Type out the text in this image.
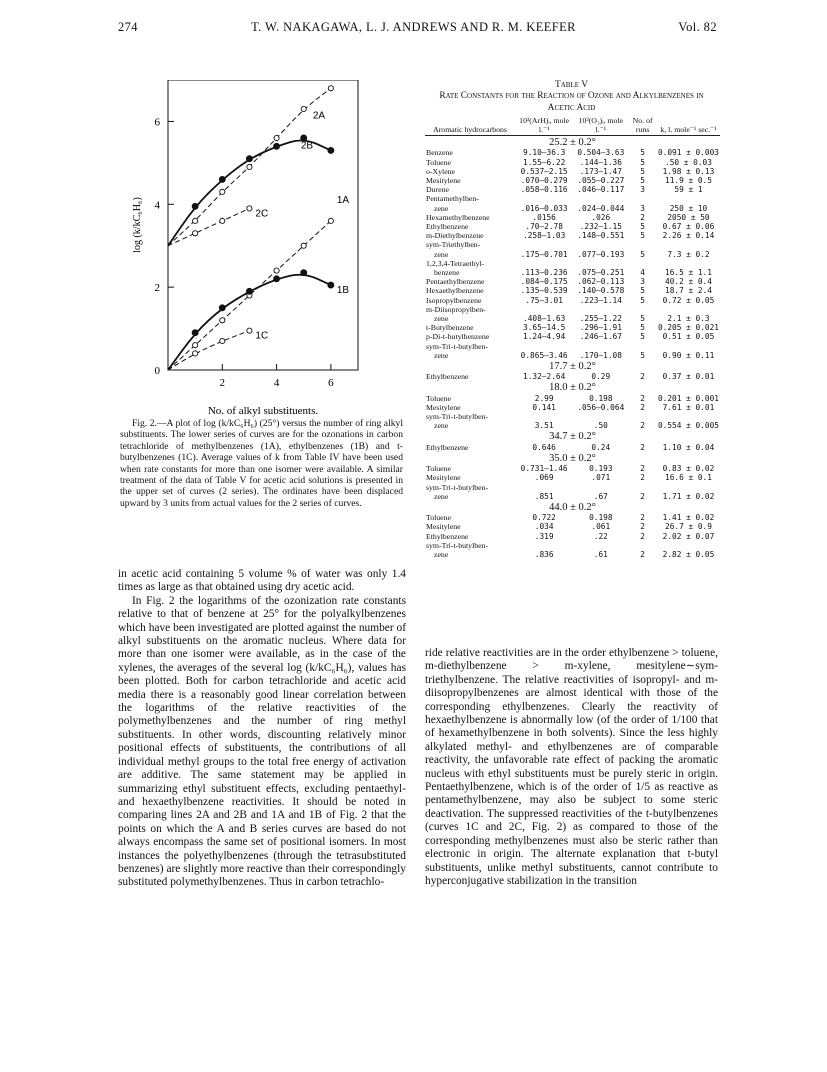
274	T. W. NAKAGAWA, L. J. ANDREWS AND R. M. KEEFER	Vol. 82
0
2
4
6
2	4	6
log (k/kC₆H₆)
No. of alkyl substituents.
2A
2B
2C
1A
1B
1C

Fig. 2.—A plot of log (k/kC₆H₆) (25°) versus the number of ring alkyl substituents. The lower series of curves are for the ozonations in carbon tetrachloride of methylbenzenes (1A), ethylbenzenes (1B) and t-butylbenzenes (1C). Average values of k from Table IV have been used when rate constants for more than one isomer were available. A similar treatment of the data of Table V for acetic acid solutions is presented in the upper set of curves (2 series). The ordinates have been displaced upward by 3 units from actual values for the 2 series of curves.

in acetic acid containing 5 volume % of water was only 1.4 times as large as that obtained using dry acetic acid.

In Fig. 2 the logarithms of the ozonization rate constants relative to that of benzene at 25° for the polyalkylbenzenes which have been investigated are plotted against the number of alkyl substituents on the aromatic nucleus. Where data for more than one isomer were available, as in the case of the xylenes, the averages of the several log (k/kC₆H₆), values has been plotted. Both for carbon tetrachloride and acetic acid media there is a reasonably good linear correlation between the logarithms of the relative reactivities of the polymethylbenzenes and the number of ring methyl substituents. In other words, discounting relatively minor positional effects of substituents, the contributions of all individual methyl groups to the total free energy of activation are additive. The same statement may be applied in summarizing ethyl substituent effects, excluding pentaethyl- and hexaethylbenzene reactivities. It should be noted in comparing lines 2A and 2B and 1A and 1B of Fig. 2 that the points on which the A and B series curves are based do not always encompass the same set of positional isomers. In most instances the polyethylbenzenes (through the tetrasubstituted benzenes) are slightly more reactive than their correspondingly substituted polymethylbenzenes. Thus in carbon tetrachlo-

Table V
Rate Constants for the Reaction of Ozone and Alkylbenzenes in Acetic Acid
Aromatic hydrocarbons	10³(ArH)ᵢ, mole l.⁻¹	10³(O₃)ᵢ, mole l.⁻¹	No. of runs	k, l. mole⁻¹ sec.⁻¹
25.2 ± 0.2°				
Benzene	9.10–36.3	0.504–3.63	5	0.091 ± 0.003
Toluene	1.55–6.22	.144–1.36	5	.50 ± 0.03
o-Xylene	0.537–2.15	.173–1.47	5	1.98 ± 0.13
Mesitylene	.070–0.279	.055–0.227	5	11.9 ± 0.5
Durene	.058–0.116	.046–0.117	3	59 ± 1
Pentamethylben-				
zene	.016–0.033	.024–0.044	3	250 ± 10
Hexamethylbenzene	.0156	.026	2	2050 ± 50
Ethylbenzene	.70–2.78	.232–1.15	5	0.67 ± 0.06
m-Diethylbenzene	.258–1.03	.148–0.551	5	2.26 ± 0.14
sym-Triethylben-				
zene	.175–0.701	.077–0.193	5	7.3 ± 0.2
1,2,3,4-Tetraethyl-				
benzene	.113–0.236	.075–0.251	4	16.5 ± 1.1
Pentaethylbenzene	.084–0.175	.062–0.113	3	40.2 ± 0.4
Hexaethylbenzene	.135–0.539	.140–0.578	5	18.7 ± 2.4
Isopropylbenzene	.75–3.01	.223–1.14	5	0.72 ± 0.05
m-Diisopropylben-				
zene	.408–1.63	.255–1.22	5	2.1 ± 0.3
t-Butylbenzene	3.65–14.5	.296–1.91	5	0.205 ± 0.021
p-Di-t-butylbenzene	1.24–4.94	.246–1.67	5	0.51 ± 0.05
sym-Tri-t-butylben-				
zene	0.865–3.46	.170–1.08	5	0.90 ± 0.11
17.7 ± 0.2°				
Ethylbenzene	1.32–2.64	0.29	2	0.37 ± 0.01
18.0 ± 0.2°				
Toluene	2.99	0.198	2	0.201 ± 0.001
Mesitylene	0.141	.056–0.064	2	7.61 ± 0.01
sym-Tri-t-butylben-				
zene	3.51	.50	2	0.554 ± 0.005
34.7 ± 0.2°				
Ethylbenzene	0.646	0.24	2	1.10 ± 0.04
35.0 ± 0.2°				
Toluene	0.731–1.46	0.193	2	0.83 ± 0.02
Mesitylene	.069	.071	2	16.6 ± 0.1
sym-Tri-t-butylben-				
zene	.851	.67	2	1.71 ± 0.02
44.0 ± 0.2°				
Toluene	0.722	0.198	2	1.41 ± 0.02
Mesitylene	.034	.061	2	26.7 ± 0.9
Ethylbenzene	.319	.22	2	2.02 ± 0.07
sym-Tri-t-butylben-				
zene	.836	.61	2	2.82 ± 0.05

ride relative reactivities are in the order ethylbenzene > toluene, m-diethylbenzene > m-xylene, mesitylene∼sym-triethylbenzene. The relative reactivities of isopropyl- and m-diisopropylbenzenes are almost identical with those of the corresponding ethylbenzenes. Clearly the reactivity of hexaethylbenzene is abnormally low (of the order of 1/100 that of hexamethylbenzene in both solvents). Since the less highly alkylated methyl- and ethylbenzenes are of comparable reactivity, the unfavorable rate effect of packing the aromatic nucleus with ethyl substituents must be purely steric in origin. Pentaethylbenzene, which is of the order of 1/5 as reactive as pentamethylbenzene, may also be subject to some steric deactivation. The suppressed reactivities of the t-butylbenzenes (curves 1C and 2C, Fig. 2) as compared to those of the corresponding methylbenzenes must also be steric rather than electronic in origin. The alternate explanation that t-butyl substituents, unlike methyl substituents, cannot contribute to hyperconjugative stabilization in the transition
